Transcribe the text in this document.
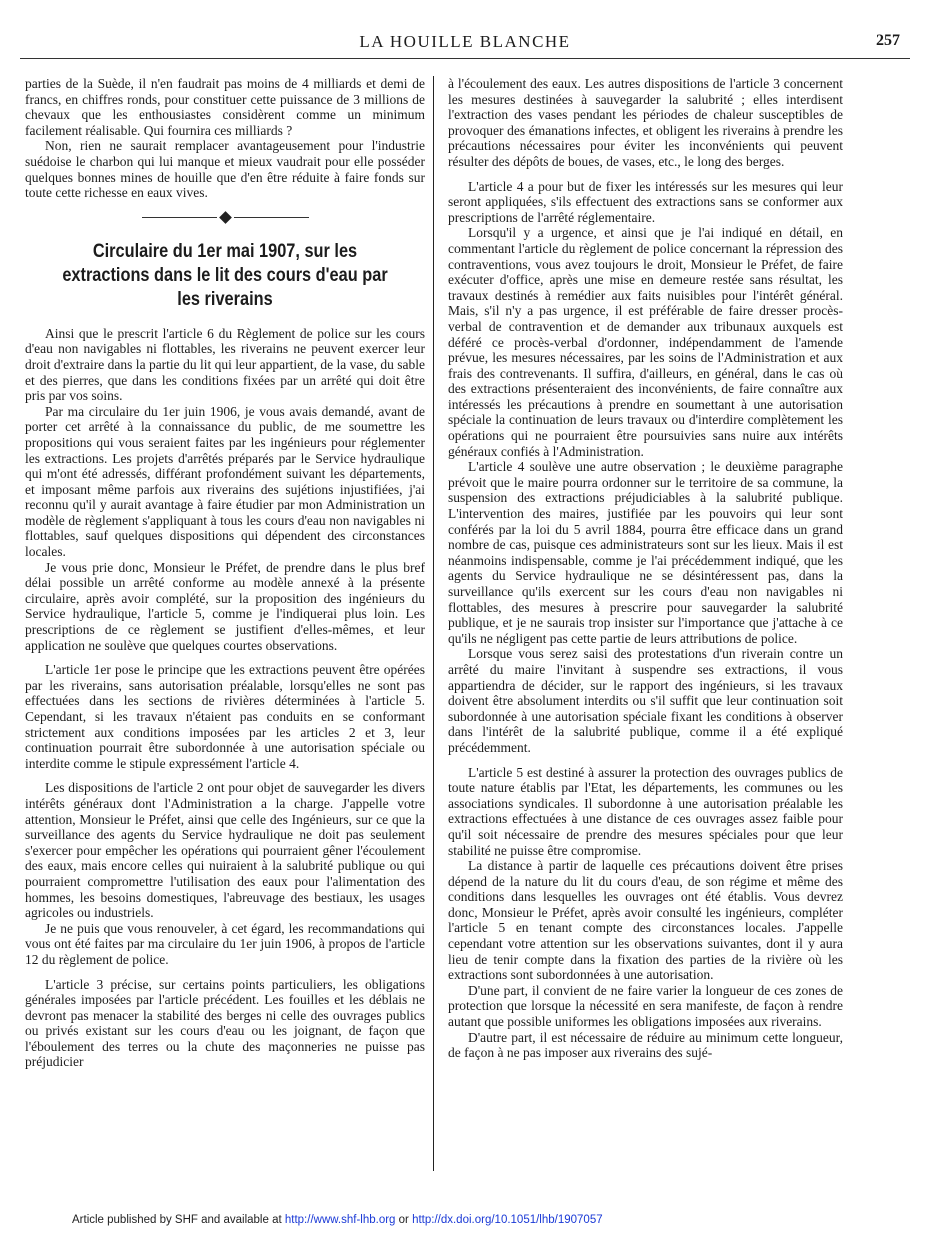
LA HOUILLE BLANCHE	257

parties de la Suède, il n'en faudrait pas moins de 4 milliards et demi de francs, en chiffres ronds, pour constituer cette puissance de 3 millions de chevaux que les enthousiastes considèrent comme un minimum facilement réalisable. Qui fournira ces milliards ?

Non, rien ne saurait remplacer avantageusement pour l'industrie suédoise le charbon qui lui manque et mieux vaudrait pour elle posséder quelques bonnes mines de houille que d'en être réduite à faire fonds sur toute cette richesse en eaux vives.

Circulaire du 1er mai 1907, sur les extractions dans le lit des cours d'eau par les riverains

Ainsi que le prescrit l'article 6 du Règlement de police sur les cours d'eau non navigables ni flottables, les riverains ne peuvent exercer leur droit d'extraire dans la partie du lit qui leur appartient, de la vase, du sable et des pierres, que dans les conditions fixées par un arrêté qui doit être pris par vos soins.

Par ma circulaire du 1er juin 1906, je vous avais demandé, avant de porter cet arrêté à la connaissance du public, de me soumettre les propositions qui vous seraient faites par les ingénieurs pour réglementer les extractions. Les projets d'arrêtés préparés par le Service hydraulique qui m'ont été adressés, différant profondément suivant les départements, et imposant même parfois aux riverains des sujétions injustifiées, j'ai reconnu qu'il y aurait avantage à faire étudier par mon Administration un modèle de règlement s'appliquant à tous les cours d'eau non navigables ni flottables, sauf quelques dispositions qui dépendent des circonstances locales.

Je vous prie donc, Monsieur le Préfet, de prendre dans le plus bref délai possible un arrêté conforme au modèle annexé à la présente circulaire, après avoir complété, sur la proposition des ingénieurs du Service hydraulique, l'article 5, comme je l'indiquerai plus loin. Les prescriptions de ce règlement se justifient d'elles-mêmes, et leur application ne soulève que quelques courtes observations.

L'article 1er pose le principe que les extractions peuvent être opérées par les riverains, sans autorisation préalable, lorsqu'elles ne sont pas effectuées dans les sections de rivières déterminées à l'article 5. Cependant, si les travaux n'étaient pas conduits en se conformant strictement aux conditions imposées par les articles 2 et 3, leur continuation pourrait être subordonnée à une autorisation spéciale ou interdite comme le stipule expressément l'article 4.

Les dispositions de l'article 2 ont pour objet de sauvegarder les divers intérêts généraux dont l'Administration a la charge. J'appelle votre attention, Monsieur le Préfet, ainsi que celle des Ingénieurs, sur ce que la surveillance des agents du Service hydraulique ne doit pas seulement s'exercer pour empêcher les opérations qui pourraient gêner l'écoulement des eaux, mais encore celles qui nuiraient à la salubrité publique ou qui pourraient compromettre l'utilisation des eaux pour l'alimentation des hommes, les besoins domestiques, l'abreuvage des bestiaux, les usages agricoles ou industriels.

Je ne puis que vous renouveler, à cet égard, les recommandations qui vous ont été faites par ma circulaire du 1er juin 1906, à propos de l'article 12 du règlement de police.

L'article 3 précise, sur certains points particuliers, les obligations générales imposées par l'article précédent. Les fouilles et les déblais ne devront pas menacer la stabilité des berges ni celle des ouvrages publics ou privés existant sur les cours d'eau ou les joignant, de façon que l'éboulement des terres ou la chute des maçonneries ne puisse pas préjudicier

à l'écoulement des eaux. Les autres dispositions de l'article 3 concernent les mesures destinées à sauvegarder la salubrité ; elles interdisent l'extraction des vases pendant les périodes de chaleur susceptibles de provoquer des émanations infectes, et obligent les riverains à prendre les précautions nécessaires pour éviter les inconvénients qui peuvent résulter des dépôts de boues, de vases, etc., le long des berges.

L'article 4 a pour but de fixer les intéressés sur les mesures qui leur seront appliquées, s'ils effectuent des extractions sans se conformer aux prescriptions de l'arrêté réglementaire.

Lorsqu'il y a urgence, et ainsi que je l'ai indiqué en détail, en commentant l'article du règlement de police concernant la répression des contraventions, vous avez toujours le droit, Monsieur le Préfet, de faire exécuter d'office, après une mise en demeure restée sans résultat, les travaux destinés à remédier aux faits nuisibles pour l'intérêt général. Mais, s'il n'y a pas urgence, il est préférable de faire dresser procès-verbal de contravention et de demander aux tribunaux auxquels est déféré ce procès-verbal d'ordonner, indépendamment de l'amende prévue, les mesures nécessaires, par les soins de l'Administration et aux frais des contrevenants. Il suffira, d'ailleurs, en général, dans le cas où des extractions présenteraient des inconvénients, de faire connaître aux intéressés les précautions à prendre en soumettant à une autorisation spéciale la continuation de leurs travaux ou d'interdire complètement les opérations qui ne pourraient être poursuivies sans nuire aux intérêts généraux confiés à l'Administration.

L'article 4 soulève une autre observation ; le deuxième paragraphe prévoit que le maire pourra ordonner sur le territoire de sa commune, la suspension des extractions préjudiciables à la salubrité publique. L'intervention des maires, justifiée par les pouvoirs qui leur sont conférés par la loi du 5 avril 1884, pourra être efficace dans un grand nombre de cas, puisque ces administrateurs sont sur les lieux. Mais il est néanmoins indispensable, comme je l'ai précédemment indiqué, que les agents du Service hydraulique ne se désintéressent pas, dans la surveillance qu'ils exercent sur les cours d'eau non navigables ni flottables, des mesures à prescrire pour sauvegarder la salubrité publique, et je ne saurais trop insister sur l'importance que j'attache à ce qu'ils ne négligent pas cette partie de leurs attributions de police.

Lorsque vous serez saisi des protestations d'un riverain contre un arrêté du maire l'invitant à suspendre ses extractions, il vous appartiendra de décider, sur le rapport des ingénieurs, si les travaux doivent être absolument interdits ou s'il suffit que leur continuation soit subordonnée à une autorisation spéciale fixant les conditions à observer dans l'intérêt de la salubrité publique, comme il a été expliqué précédemment.

L'article 5 est destiné à assurer la protection des ouvrages publics de toute nature établis par l'Etat, les départements, les communes ou les associations syndicales. Il subordonne à une autorisation préalable les extractions effectuées à une distance de ces ouvrages assez faible pour qu'il soit nécessaire de prendre des mesures spéciales pour que leur stabilité ne puisse être compromise.

La distance à partir de laquelle ces précautions doivent être prises dépend de la nature du lit du cours d'eau, de son régime et même des conditions dans lesquelles les ouvrages ont été établis. Vous devrez donc, Monsieur le Préfet, après avoir consulté les ingénieurs, compléter l'article 5 en tenant compte des circonstances locales. J'appelle cependant votre attention sur les observations suivantes, dont il y aura lieu de tenir compte dans la fixation des parties de la rivière où les extractions sont subordonnées à une autorisation.

D'une part, il convient de ne faire varier la longueur de ces zones de protection que lorsque la nécessité en sera manifeste, de façon à rendre autant que possible uniformes les obligations imposées aux riverains.

D'autre part, il est nécessaire de réduire au minimum cette longueur, de façon à ne pas imposer aux riverains des sujé-

Article published by SHF and available at http://www.shf-lhb.org or http://dx.doi.org/10.1051/lhb/1907057
